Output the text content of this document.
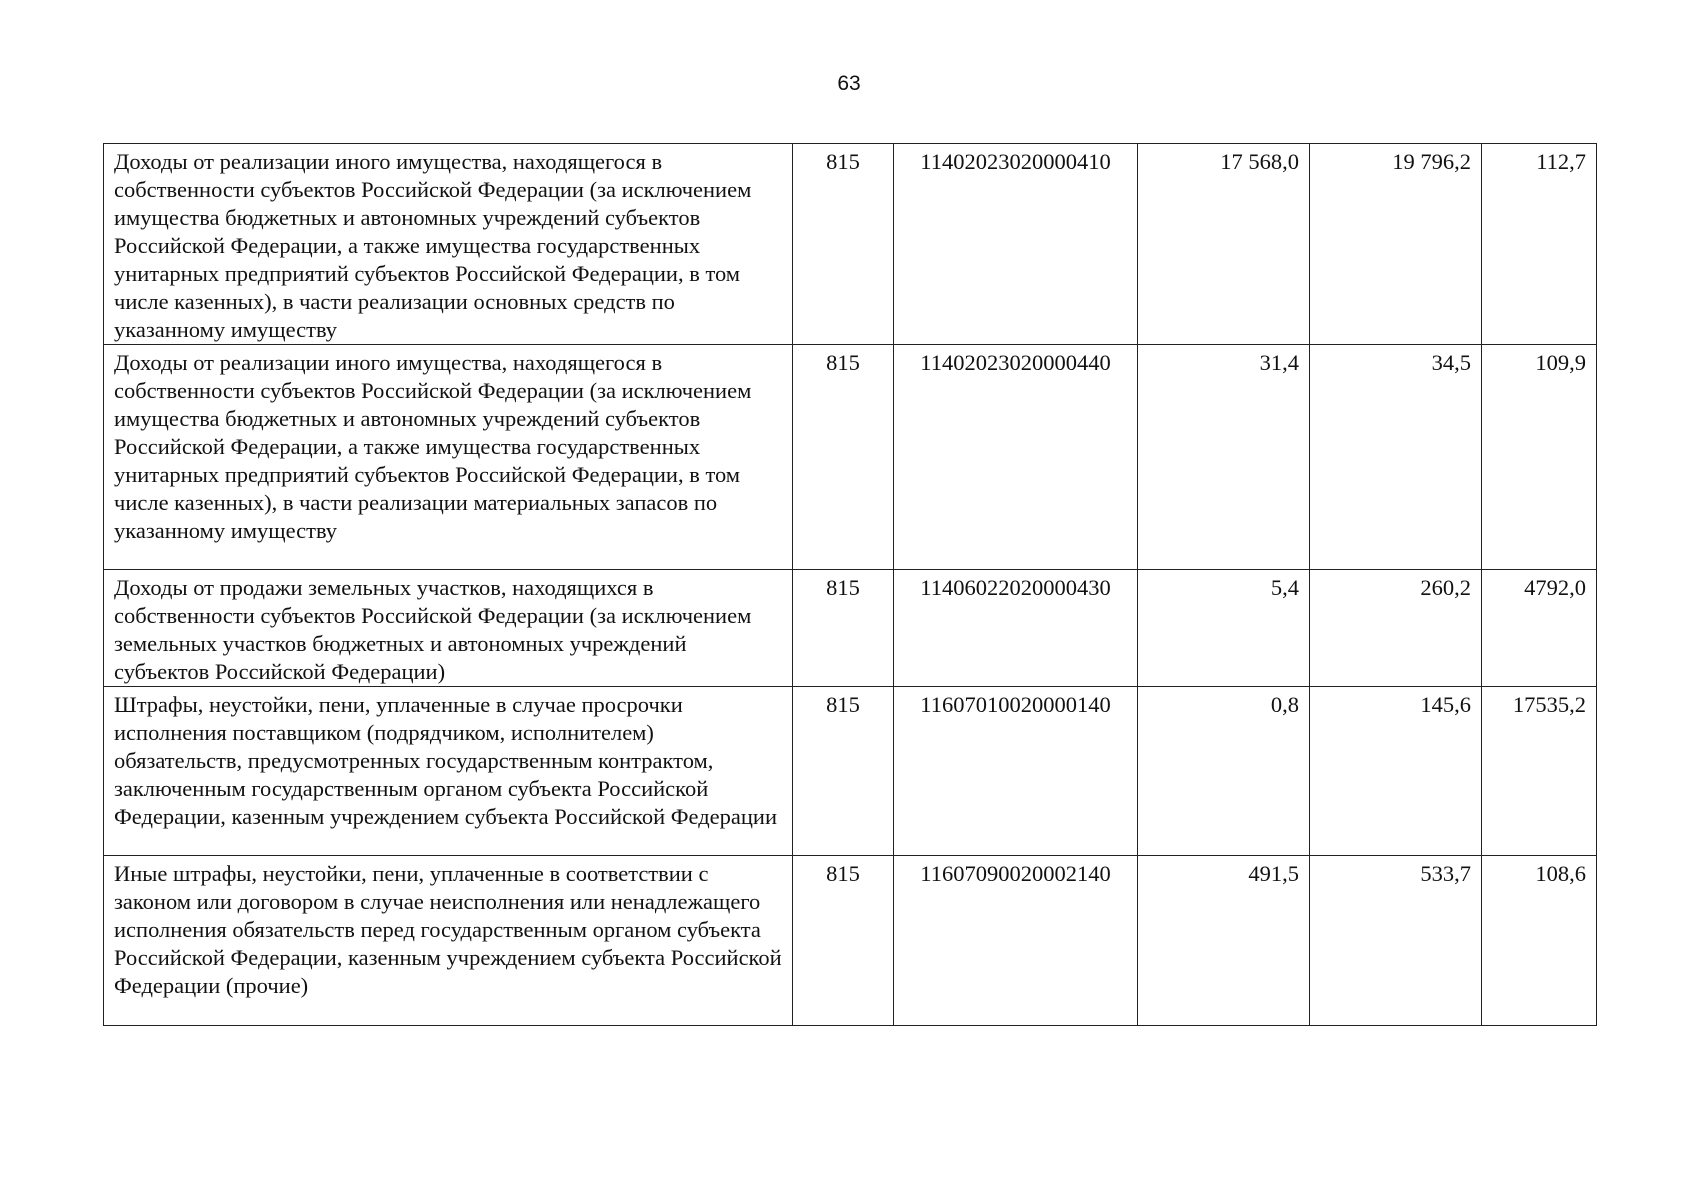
63
Доходы от реализации иного имущества, находящегося в собственности субъектов Российской Федерации (за исключением имущества бюджетных и автономных учреждений субъектов Российской Федерации, а также имущества государственных унитарных предприятий субъектов Российской Федерации, в том числе казенных), в части реализации основных средств по указанному имуществу	815	11402023020000410	17 568,0	19 796,2	112,7
Доходы от реализации иного имущества, находящегося в собственности субъектов Российской Федерации (за исключением имущества бюджетных и автономных учреждений субъектов Российской Федерации, а также имущества государственных унитарных предприятий субъектов Российской Федерации, в том числе казенных), в части реализации материальных запасов по указанному имуществу	815	11402023020000440	31,4	34,5	109,9
Доходы от продажи земельных участков, находящихся в собственности субъектов Российской Федерации (за исключением земельных участков бюджетных и автономных учреждений субъектов Российской Федерации)	815	11406022020000430	5,4	260,2	4792,0
Штрафы, неустойки, пени, уплаченные в случае просрочки исполнения поставщиком (подрядчиком, исполнителем) обязательств, предусмотренных государственным контрактом, заключенным государственным органом субъекта Российской Федерации, казенным учреждением субъекта Российской Федерации	815	11607010020000140	0,8	145,6	17535,2
Иные штрафы, неустойки, пени, уплаченные в соответствии с законом или договором в случае неисполнения или ненадлежащего исполнения обязательств перед государственным органом субъекта Российской Федерации, казенным учреждением субъекта Российской Федерации (прочие)	815	11607090020002140	491,5	533,7	108,6
